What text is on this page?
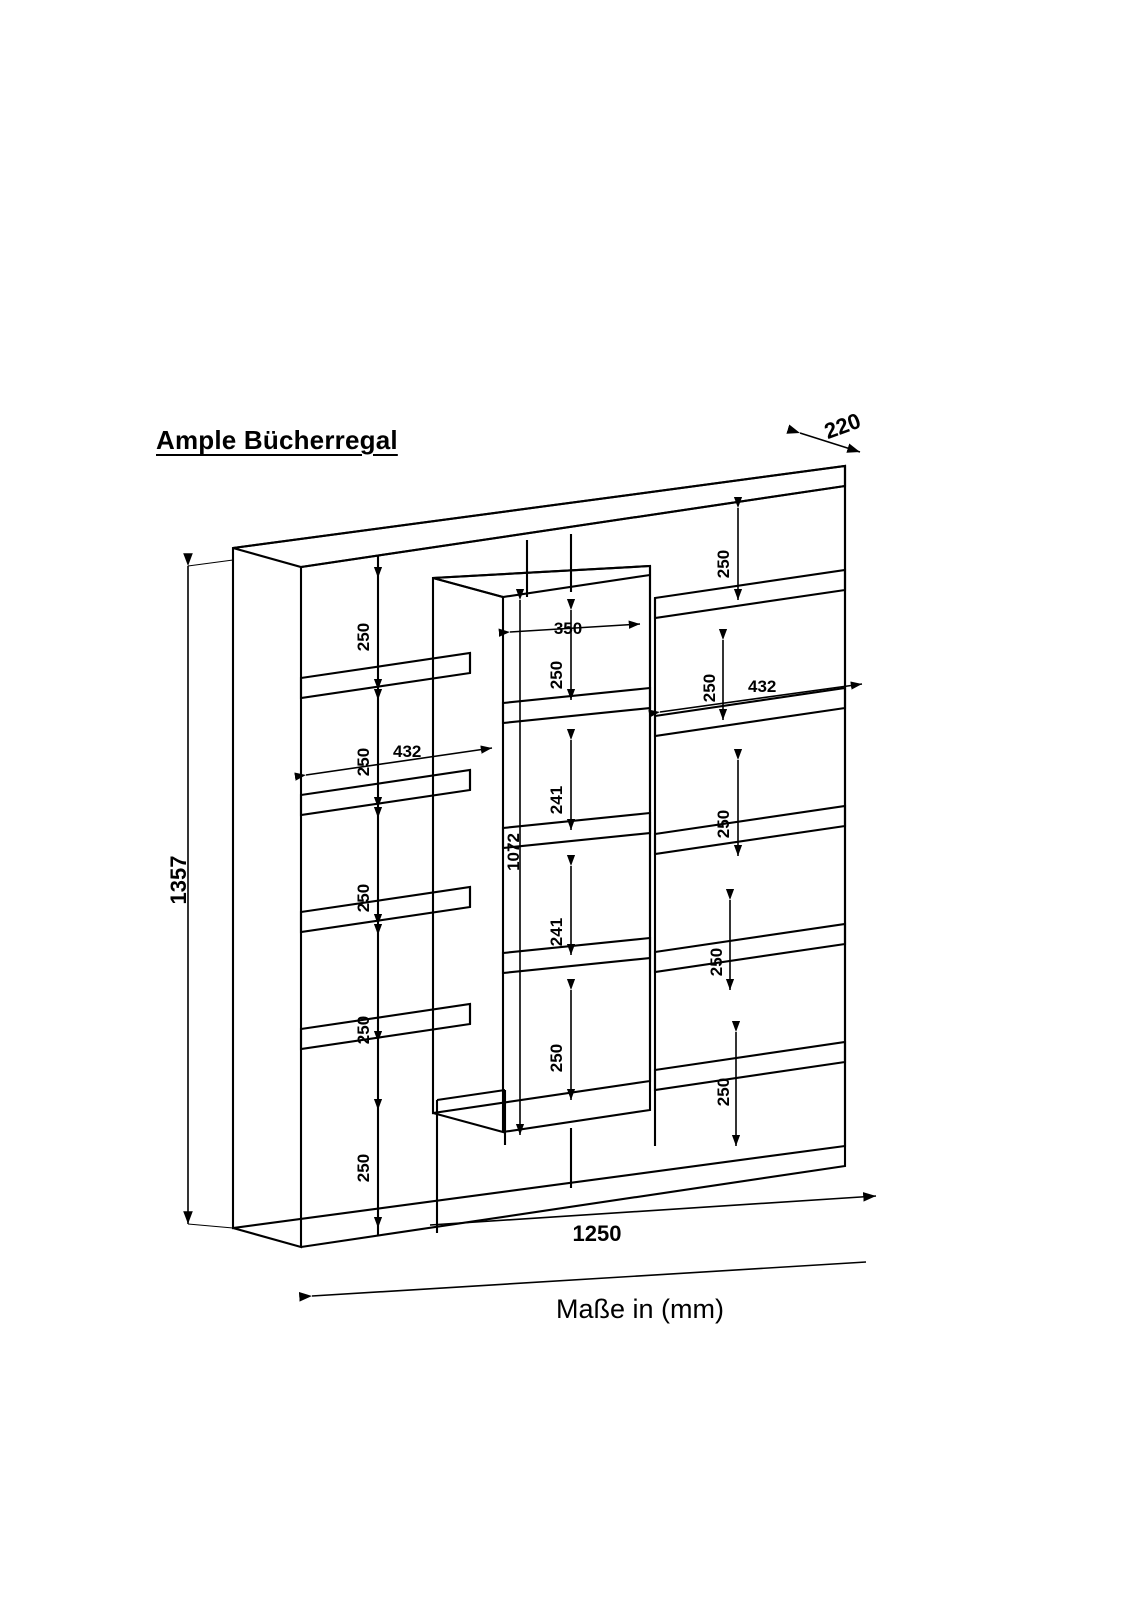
Ample Bücherregal
Maße in (mm)
1357
1250
220
250
250
250
250
250
432
350
1072
250
241
241
250
250
250
250
250
250
432
